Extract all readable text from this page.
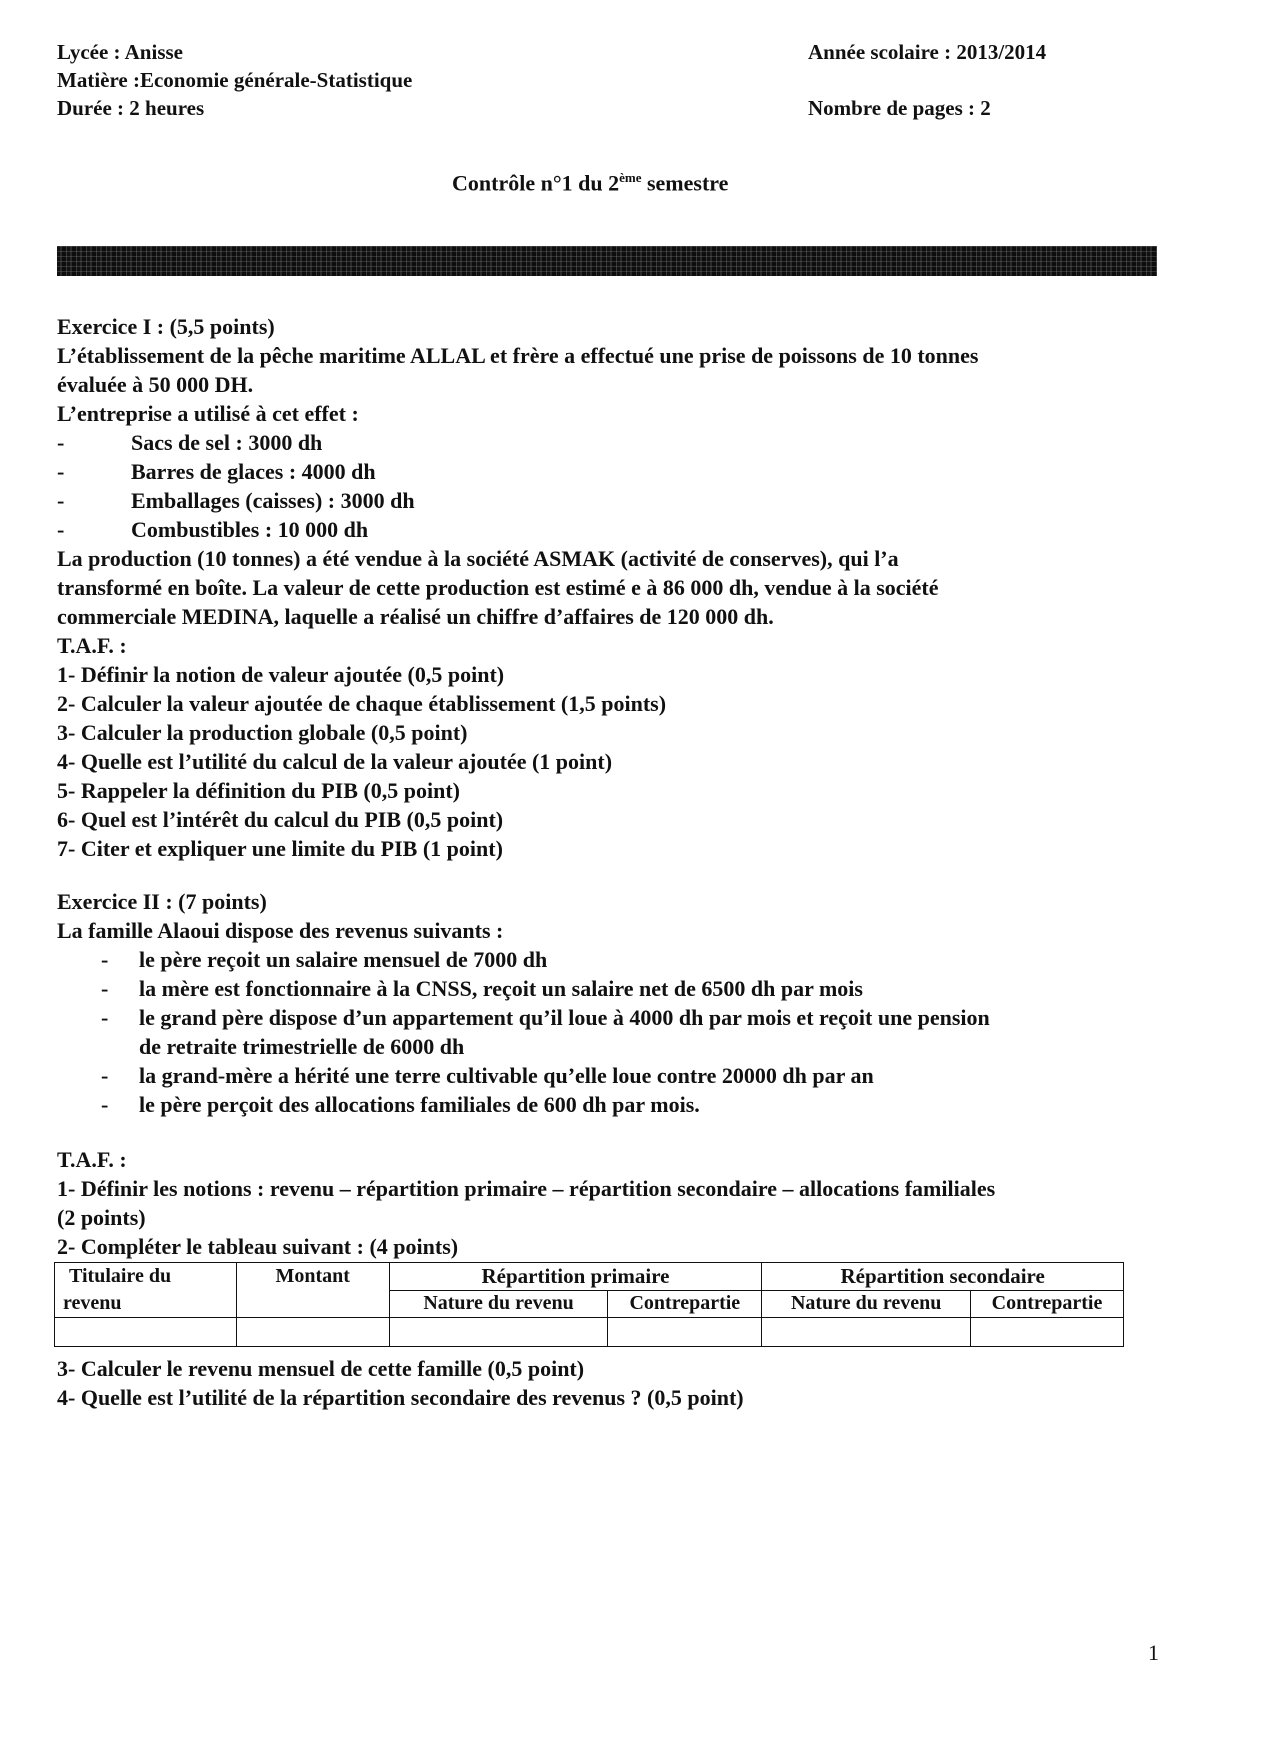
Lycée : Anisse
Matière :Economie générale-Statistique
Durée : 2 heures
Année scolaire : 2013/2014
Nombre de pages : 2
Contrôle n°1 du 2ème semestre
Exercice I : (5,5 points)
L’établissement de la pêche maritime ALLAL et frère a effectué une prise de poissons de 10 tonnes
évaluée à 50 000 DH.
L’entreprise a utilisé à cet effet :
-	Sacs de sel : 3000 dh
-	Barres de glaces : 4000 dh
-	Emballages (caisses) : 3000 dh
-	Combustibles : 10 000 dh
La production (10 tonnes) a été vendue à la société ASMAK (activité de conserves), qui l’a
transformé en boîte. La valeur de cette production est estimé e à 86 000 dh, vendue à la société
commerciale MEDINA, laquelle a réalisé un chiffre d’affaires de 120 000 dh.
T.A.F. :
1- Définir la notion de valeur ajoutée (0,5 point)
2- Calculer la valeur ajoutée de chaque établissement (1,5 points)
3- Calculer la production globale (0,5 point)
4- Quelle est l’utilité du calcul de la valeur ajoutée (1 point)
5- Rappeler la définition du PIB (0,5 point)
6- Quel est l’intérêt du calcul du PIB (0,5 point)
7- Citer et expliquer une limite du PIB (1 point)
Exercice II : (7 points)
La famille Alaoui dispose des revenus suivants :
-	le père reçoit un salaire mensuel de 7000 dh
-	la mère est fonctionnaire à la CNSS, reçoit un salaire net de 6500 dh par mois
-	le grand père dispose d’un appartement qu’il loue à 4000 dh par mois et reçoit une pension
de retraite trimestrielle de 6000 dh
-	la grand-mère a hérité une terre cultivable qu’elle loue contre 20000 dh par an
-	le père perçoit des allocations familiales de 600 dh par mois.
T.A.F. :
1- Définir les notions : revenu – répartition primaire – répartition secondaire – allocations familiales
(2 points)
2- Compléter le tableau suivant : (4 points)
Titulaire du
revenu	Montant	Répartition primaire		Répartition secondaire	
		Nature du revenu	Contrepartie	Nature du revenu	Contrepartie

3- Calculer le revenu mensuel de cette famille (0,5 point)
4- Quelle est l’utilité de la répartition secondaire des revenus ? (0,5 point)
1
